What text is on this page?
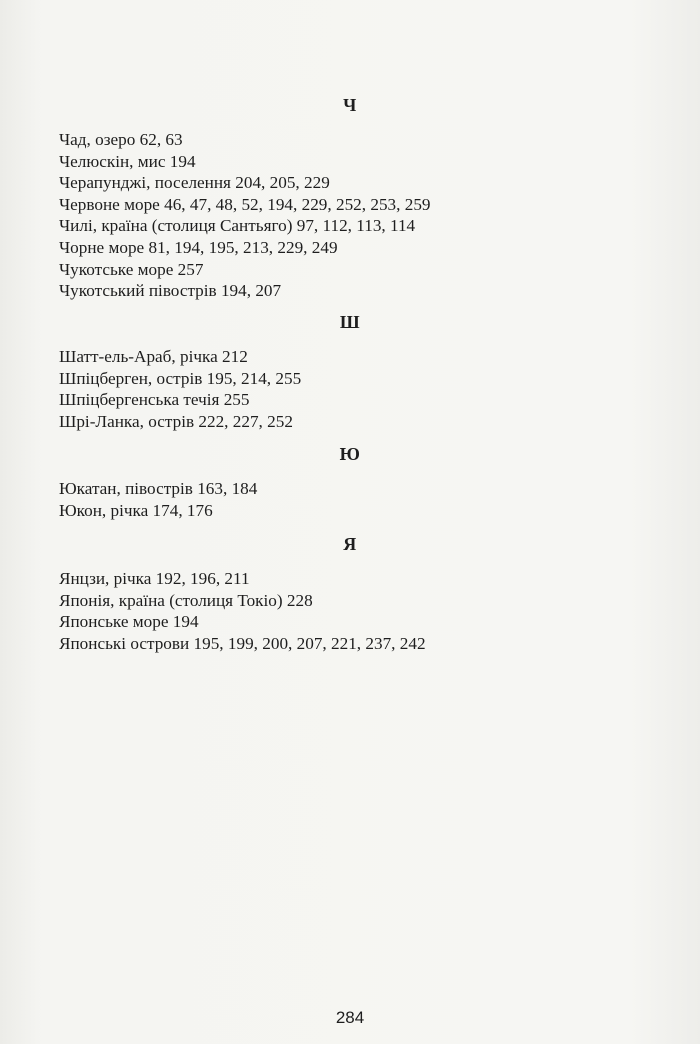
Ч
Чад, озеро 62, 63
Челюскін, мис 194
Черапунджі, поселення 204, 205, 229
Червоне море 46, 47, 48, 52, 194, 229, 252, 253, 259
Чилі, країна (столиця Сантьяго) 97, 112, 113, 114
Чорне море 81, 194, 195, 213, 229, 249
Чукотське море 257
Чукотський півострів 194, 207
Ш
Шатт-ель-Араб, річка 212
Шпіцберген, острів 195, 214, 255
Шпіцбергенська течія 255
Шрі-Ланка, острів 222, 227, 252
Ю
Юкатан, півострів 163, 184
Юкон, річка 174, 176
Я
Янцзи, річка 192, 196, 211
Японія, країна (столиця Токіо) 228
Японське море 194
Японські острови 195, 199, 200, 207, 221, 237, 242
284
